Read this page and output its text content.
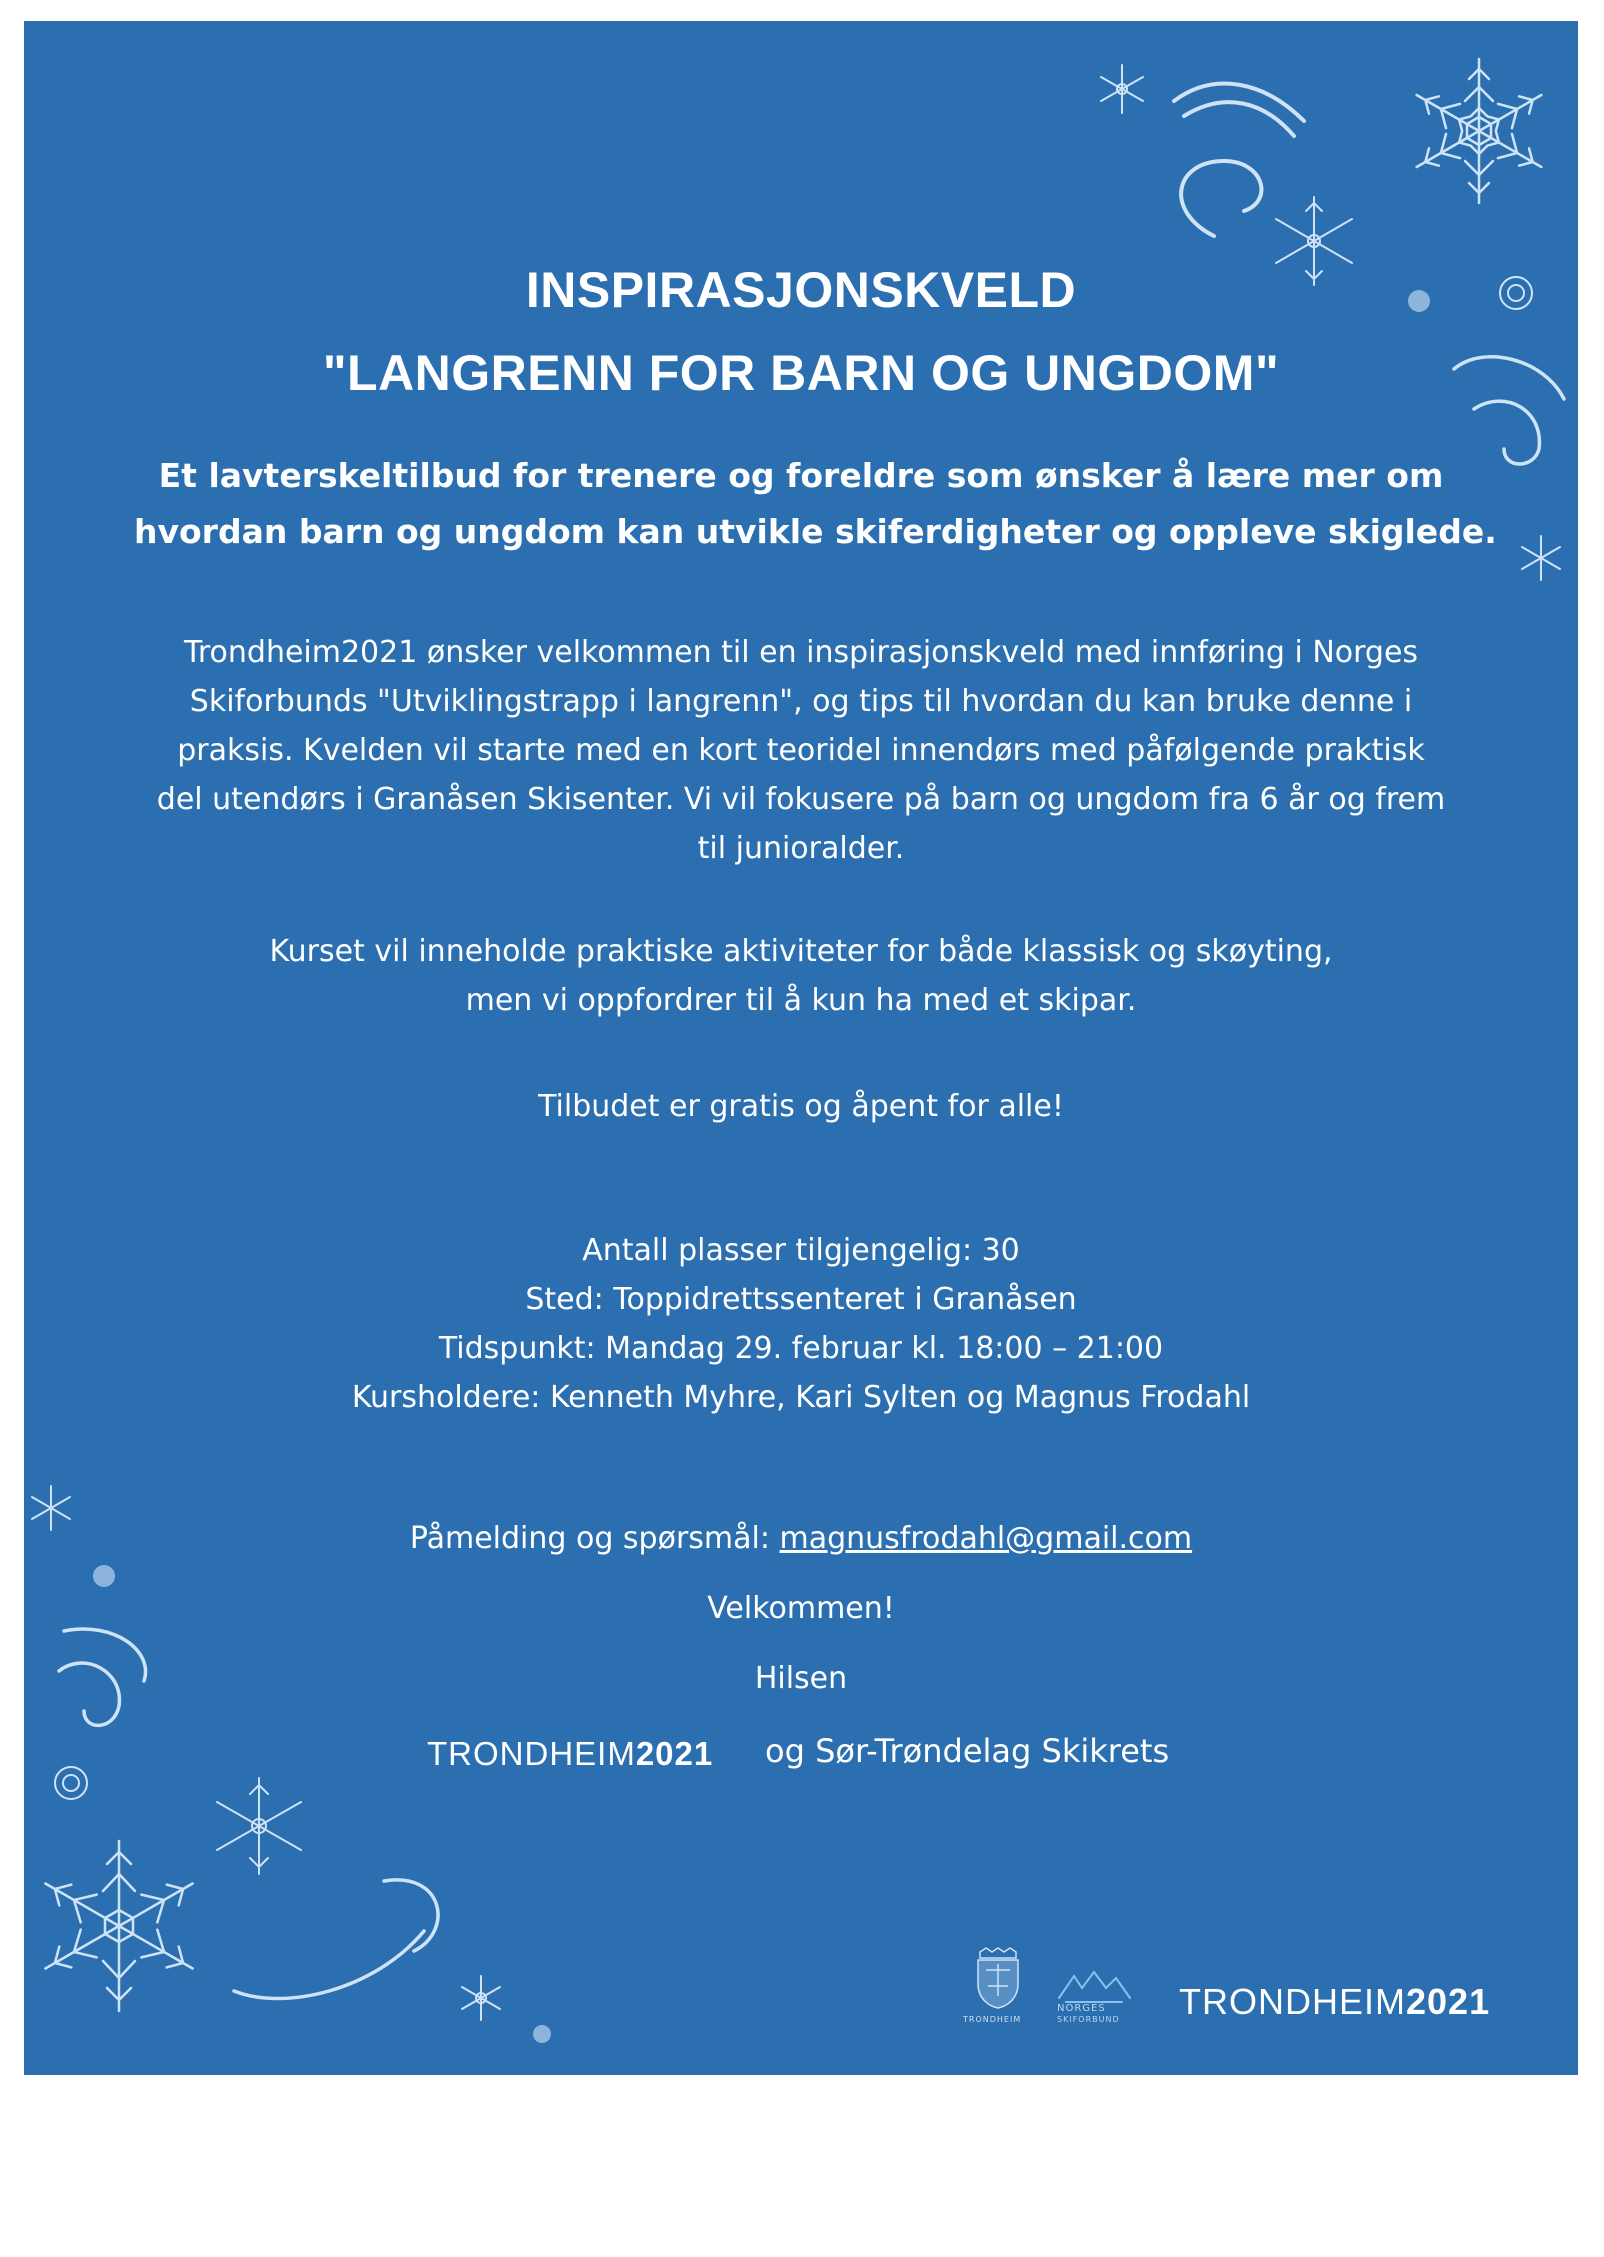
INSPIRASJONSKVELD
"LANGRENN FOR BARN OG UNGDOM"
Et lavterskeltilbud for trenere og foreldre som ønsker å lære mer om
hvordan barn og ungdom kan utvikle skiferdigheter og oppleve skiglede.
Trondheim2021 ønsker velkommen til en inspirasjonskveld med innføring i Norges
Skiforbunds "Utviklingstrapp i langrenn", og tips til hvordan du kan bruke denne i
praksis. Kvelden vil starte med en kort teoridel innendørs med påfølgende praktisk
del utendørs i Granåsen Skisenter. Vi vil fokusere på barn og ungdom fra 6 år og frem
til junioralder.
Kurset vil inneholde praktiske aktiviteter for både klassisk og skøyting,
men vi oppfordrer til å kun ha med et skipar.
Tilbudet er gratis og åpent for alle!
Antall plasser tilgjengelig: 30
Sted: Toppidrettssenteret i Granåsen
Tidspunkt: Mandag 29. februar kl. 18:00 – 21:00
Kursholdere: Kenneth Myhre, Kari Sylten og Magnus Frodahl
Påmelding og spørsmål: magnusfrodahl@gmail.com
Velkommen!
Hilsen
TRONDHEIM2021 og Sør-Trøndelag Skikrets
TRONDHEIM
NORGES
SKIFORBUND TRONDHEIM2021
